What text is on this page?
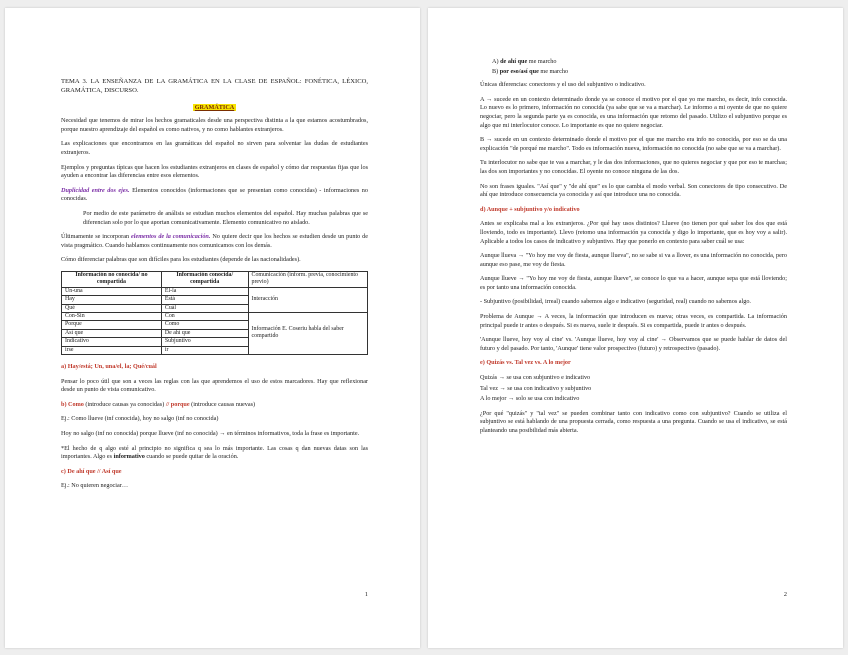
TEMA 3. LA ENSEÑANZA DE LA GRAMÁTICA EN LA CLASE DE ESPAÑOL: FONÉTICA, LÉXICO, GRAMÁTICA, DISCURSO.

GRAMÁTICA

Necesidad que tenemos de mirar los hechos gramaticales desde una perspectiva distinta a la que estamos acostumbrados, porque nuestro aprendizaje del español es como nativos, y no como hablantes extranjeros.

Las explicaciones que encontramos en las gramáticas del español no sirven para solventar las dudas de estudiantes extranjeros.

Ejemplos y preguntas típicas que hacen los estudiantes extranjeros en clases de español y cómo dar respuestas fijas que los ayuden a encontrar las diferencias entre esos elementos.

Duplicidad entre dos ejes. Elementos conocidos (informaciones que se presentan como conocidas) - informaciones no conocidas.

Por medio de este parámetro de análisis se estudian muchos elementos del español. Hay muchas palabras que se diferencian solo por lo que aportan comunicativamente. Elemento comunicativo no aislado.

Últimamente se incorporan elementos de la comunicación. No quiere decir que los hechos se estudien desde un punto de vista pragmático. Cuando hablamos continuamente nos comunicamos con los demás.

Cómo diferenciar palabras que son difíciles para los estudiantes (depende de las nacionalidades).

Información no conocida/ no compartida	Información conocida/ compartida	Comunicación (inform. previa, conocimiento previo)
Un-una	El-la	Interacción
Hay	Está	
Qué	Cuál	
Con-Sin	Con	Información E. Coseriu habla del saber compartido
Porque	Como	
Así que	De ahí que	
Indicativo	Subjuntivo	
irse	ir	

a) Hay/está; Un, una/el, la; Qué/cuál

Pensar lo poco útil que son a veces las reglas con las que aprendemos el uso de estos marcadores. Hay que reflexionar desde un punto de vista comunicativo.

b) Como (introduce causas ya conocidas) // porque (introduce causas nuevas)

Ej.: Como llueve (inf conocida), hoy no salgo (inf no conocida)

Hoy no salgo (inf no conocida) porque llueve (inf no conocida) → en términos informativos, toda la frase es importante.

*El hecho de q algo esté al principio no significa q sea lo más importante. Las cosas q dan nuevas datas son las importantes. Algo es informativo cuando se puede quitar de la oración.

c) De ahí que // Así que

Ej.: No quieren negociar…

1
A) de ahí que me marcho
B) por eso/así que me marcho

Únicas diferencias: conectores y el uso del subjuntivo o indicativo.

A → sucede en un contexto determinado donde ya se conoce el motivo por el que yo me marcho, es decir, info conocida. Lo nuevo es lo primero, información no conocida (ya sabe que se va a marchar). Le informo a mi oyente de que no quiere negociar, pero la segunda parte ya es conocida, es una información que retomo del pasado. Utilizo el subjuntivo porque es algo que mi interlocutor conoce. Lo importante es que no quiere negociar.

B → sucede en un contexto determinado donde el motivo por el que me marcho era info no conocida, por eso se da una explicación "de porqué me marcho". Todo es información nueva, información no conocida (no sabe que se va a marchar).

Tu interlocutor no sabe que te vas a marchar, y le das dos informaciones, que no quieres negociar y que por eso te marchas; las dos son importantes y no conocidas. El oyente no conoce ninguna de las dos.

No son frases iguales. "Así que" y "de ahí que" es lo que cambia el modo verbal. Son conectores de tipo consecutivo. De ahí que introduce consecuencia ya conocida y así que introduce una no conocida.

d) Aunque + subjuntivo y/o indicativo

Antes se explicaba mal a los extranjeros. ¿Por qué hay usos distintos? Llueve (no tienen por qué saber los dos que está lloviendo, todo es importante). Llevo (retomo una información ya conocida y digo lo importante, que es hoy voy a salir). Aplicable a todos los casos de indicativo y subjuntivo. Hay que ponerlo en contexto para saber cuál se usa:

Aunque llueva → "Yo hoy me voy de fiesta, aunque llueva", no se sabe si va a llover, es una información no conocida, pero aunque eso pase, me voy de fiesta.

Aunque llueve → "Yo hoy me voy de fiesta, aunque llueve", se conoce lo que va a hacer, aunque sepa que está lloviendo; es por tanto una información conocida.

- Subjuntivo (posibilidad, irreal) cuando sabemos algo e indicativo (seguridad, real) cuando no sabemos algo.

Problema de Aunque → A veces, la información que introducen es nueva; otras veces, es compartida. La información principal puede ir antes o después. Si es nueva, suele ir después. Si es compartida, puede ir antes o después.

'Aunque llueve, hoy voy al cine' vs. 'Aunque llueve, hoy voy al cine' → Observamos que se puede hablar de datos del futuro y del pasado. Por tanto, 'Aunque' tiene valor prospectivo (futuro) y retrospectivo (pasado).

e) Quizás vs. Tal vez vs. A lo mejor

Quizás → se usa con subjuntivo e indicativo

Tal vez → se usa con indicativo y subjuntivo

A lo mejor → solo se usa con indicativo

¿Por qué "quizás" y "tal vez" se pueden combinar tanto con indicativo como con subjuntivo? Cuando se utiliza el subjuntivo se está hablando de una propuesta cerrada, como respuesta a una pregunta. Cuando se usa el indicativo, se está planteando una posibilidad más abierta.

2
